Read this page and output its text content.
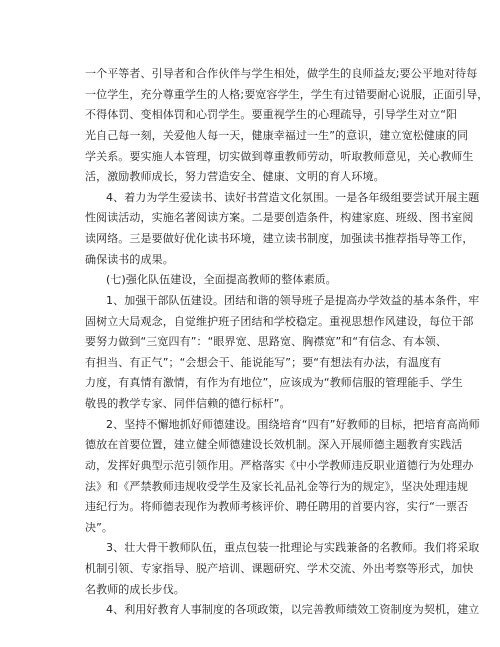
一个平等者、引导者和合作伙伴与学生相处，做学生的良师益友;要公平地对待每
一位学生，充分尊重学生的人格;要宽容学生，学生有过错要耐心说服，正面引导，
不得体罚、变相体罚和心罚学生。要重视学生的心理疏导，引导学生对立“阳
光自己每一刻，关爱他人每一天，健康幸福过一生”的意识，建立宽松健康的同
学关系。要实施人本管理，切实做到尊重教师劳动，听取教师意见，关心教师生
活，激励教师成长，努力营造安全、健康、文明的育人环境。
4、着力为学生爱读书、读好书营造文化氛围。一是各年级组要尝试开展主题
性阅读活动，实施名著阅读方案。二是要创造条件，构建家庭、班级、图书室阅
读网络。三是要做好优化读书环境，建立读书制度，加强读书推荐指导等工作，
确保读书的成果。
(七)强化队伍建设，全面提高教师的整体素质。
1、加强干部队伍建设。团结和谐的领导班子是提高办学效益的基本条件，牢
固树立大局观念，自觉维护班子团结和学校稳定。重视思想作风建设，每位干部
要努力做到“三宽四有”：“眼界宽、思路宽、胸襟宽”和“有信念、有本领、
有担当、有正气”；“会想会干、能说能写”；要“有想法有办法，有温度有
力度，有真情有激情，有作为有地位”，应该成为“教师信服的管理能手、学生
敬畏的教学专家、同伴信赖的德行标杆”。
2、坚持不懈地抓好师德建设。围绕培育“四有”好教师的目标，把培育高尚师
德放在首要位置，建立健全师德建设长效机制。深入开展师德主题教育实践活
动，发挥好典型示范引领作用。严格落实《中小学教师违反职业道德行为处理办
法》和《严禁教师违规收受学生及家长礼品礼金等行为的规定》，坚决处理违规
违纪行为。将师德表现作为教师考核评价、聘任聘用的首要内容，实行“一票否
决”。
3、壮大骨干教师队伍，重点包装一批理论与实践兼备的名教师。我们将采取
机制引领、专家指导、脱产培训、课题研究、学术交流、外出考察等形式，加快
名教师的成长步伐。
4、利用好教育人事制度的各项政策，以完善教师绩效工资制度为契机，建立
